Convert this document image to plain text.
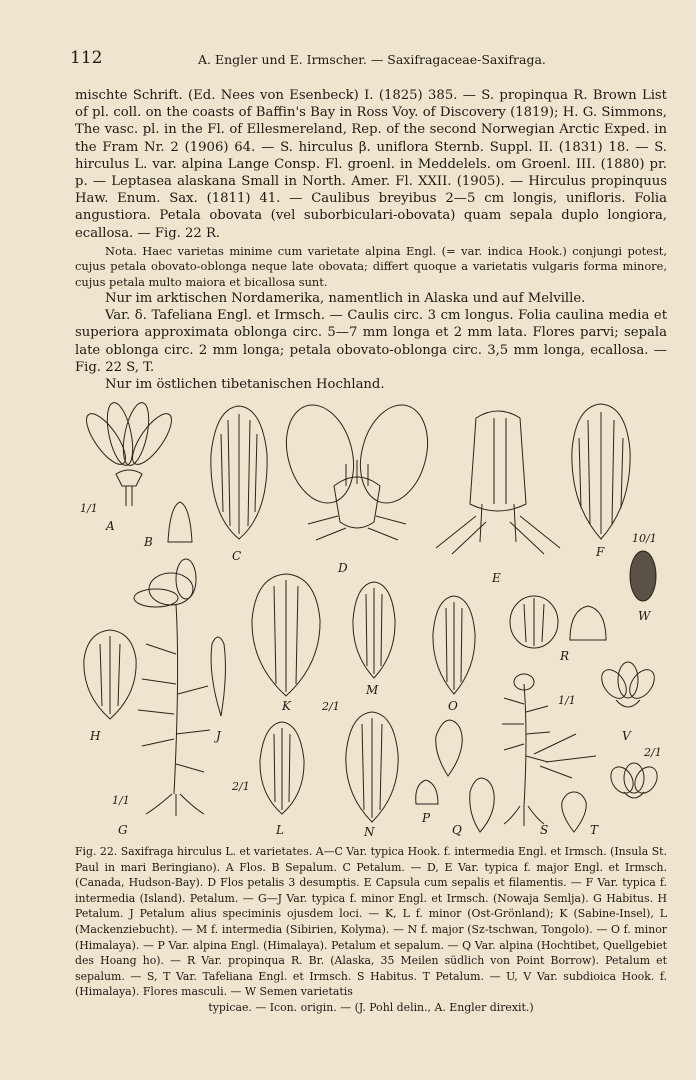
112	A. Engler und E. Irmscher. — Saxifragaceae-Saxifraga.

mischte Schrift. (Ed. Nees von Esenbeck) I. (1825) 385. — S. propinqua R. Brown List of pl. coll. on the coasts of Baffin's Bay in Ross Voy. of Discovery (1819); H. G. Simmons, The vasc. pl. in the Fl. of Ellesmereland, Rep. of the second Norwegian Arctic Exped. in the Fram Nr. 2 (1906) 64. — S. hirculus β. uniflora Sternb. Suppl. II. (1831) 18. — S. hirculus L. var. alpina Lange Consp. Fl. groenl. in Meddelels. om Groenl. III. (1880) pr. p. — Leptasea alaskana Small in North. Amer. Fl. XXII. (1905). — Hirculus propinquus Haw. Enum. Sax. (1811) 41. — Caulibus breyibus 2—5 cm longis, unifloris. Folia angustiora. Petala obovata (vel suborbiculari-obovata) quam sepala duplo longiora, ecallosa. — Fig. 22 R.

Nota. Haec varietas minime cum varietate alpina Engl. (= var. indica Hook.) conjungi potest, cujus petala obovato-oblonga neque late obovata; differt quoque a varietatis vulgaris forma minore, cujus petala multo maiora et bicallosa sunt.

Nur im arktischen Nordamerika, namentlich in Alaska und auf Melville.

Var. δ. Tafeliana Engl. et Irmsch. — Caulis circ. 3 cm longus. Folia caulina media et superiora approximata oblonga circ. 5—7 mm longa et 2 mm lata. Flores parvi; sepala late oblonga circ. 2 mm longa; petala obovato-oblonga circ. 3,5 mm longa, ecallosa. — Fig. 22 S, T.

Nur im östlichen tibetanischen Hochland.

A
B
C
D
E
F
W
H	J
K
M
O
R
V
G	L	N
P
Q	S	T
1/1
10/1
2/1
1/1
2/1
1/1
2/1

Fig. 22. Saxifraga hirculus L. et varietates. A—C Var. typica Hook. f. intermedia Engl. et Irmsch. (Insula St. Paul in mari Beringiano). A Flos. B Sepalum. C Petalum. — D, E Var. typica f. major Engl. et Irmsch. (Canada, Hudson-Bay). D Flos petalis 3 desumptis. E Capsula cum sepalis et filamentis. — F Var. typica f. intermedia (Island). Petalum. — G—J Var. typica f. minor Engl. et Irmsch. (Nowaja Semlja). G Habitus. H Petalum. J Petalum alius speciminis ojusdem loci. — K, L f. minor (Ost-Grönland); K (Sabine-Insel), L (Mackenziebucht). — M f. intermedia (Sibirien, Kolyma). — N f. major (Sz-tschwan, Tongolo). — O f. minor (Himalaya). — P Var. alpina Engl. (Himalaya). Petalum et sepalum. — Q Var. alpina (Hochtibet, Quellgebiet des Hoang ho). — R Var. propinqua R. Br. (Alaska, 35 Meilen südlich von Point Borrow). Petalum et sepalum. — S, T Var. Tafeliana Engl. et Irmsch. S Habitus. T Petalum. — U, V Var. subdioica Hook. f. (Himalaya). Flores masculi. — W Semen varietatis

typicae. — Icon. origin. — (J. Pohl delin., A. Engler direxit.)
